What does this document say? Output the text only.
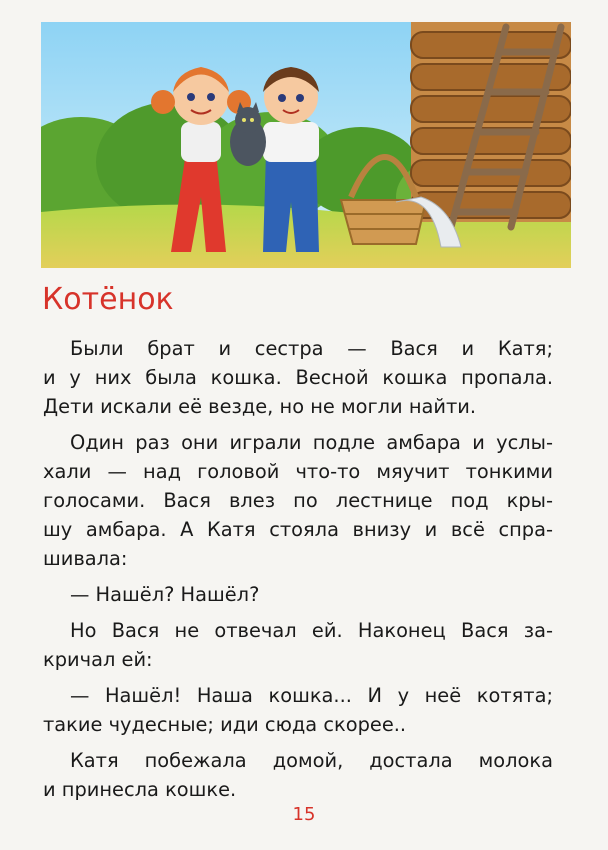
Котёнок

Были брат и сестра — Вася и Катя;
и у них была кошка. Весной кошка пропала.
Дети искали её везде, но не могли найти.

Один раз они играли подле амбара и услы-
хали — над головой что-то мяучит тонкими
голосами. Вася влез по лестнице под кры-
шу амбара. А Катя стояла внизу и всё спра-
шивала:

— Нашёл? Нашёл?

Но Вася не отвечал ей. Наконец Вася за-
кричал ей:

— Нашёл! Наша кошка... И у неё котята;
такие чудесные; иди сюда скорее..

Катя побежала домой, достала молока
и принесла кошке.

15
